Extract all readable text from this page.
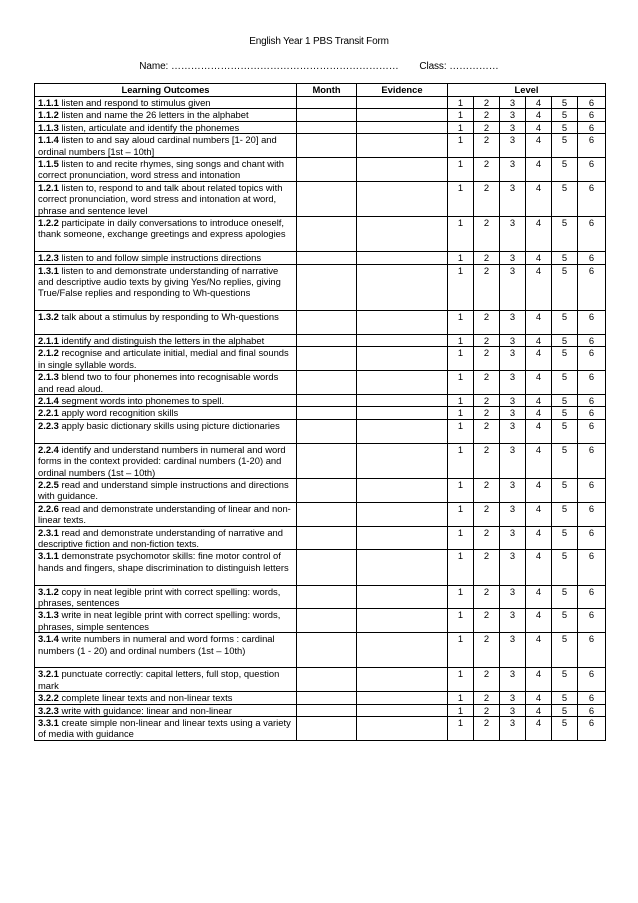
English Year 1 PBS Transit Form
Name: …………………………………………………………… Class: ……………
Learning Outcomes	Month	Evidence	Level					
1.1.1 listen and respond to stimulus given			1	2	3	4	5	6
1.1.2 listen and name the 26 letters in the alphabet			1	2	3	4	5	6
1.1.3 listen, articulate and identify the phonemes			1	2	3	4	5	6
1.1.4 listen to and say aloud cardinal numbers [1- 20] and ordinal numbers [1st – 10th]			1	2	3	4	5	6
1.1.5 listen to and recite rhymes, sing songs and chant with correct pronunciation, word stress and intonation			1	2	3	4	5	6
1.2.1 listen to, respond to and talk about related topics with correct pronunciation, word stress and intonation at word, phrase and sentence level			1	2	3	4	5	6
1.2.2 participate in daily conversations to introduce oneself, thank someone, exchange greetings and express apologies			1	2	3	4	5	6
1.2.3 listen to and follow simple instructions directions			1	2	3	4	5	6
1.3.1 listen to and demonstrate understanding of narrative and descriptive audio texts by giving Yes/No replies, giving True/False replies and responding to Wh-questions			1	2	3	4	5	6
1.3.2 talk about a stimulus by responding to Wh-questions			1	2	3	4	5	6
2.1.1 identify and distinguish the letters in the alphabet			1	2	3	4	5	6
2.1.2 recognise and articulate initial, medial and final sounds in single syllable words.			1	2	3	4	5	6
2.1.3 blend two to four phonemes into recognisable words and read aloud.			1	2	3	4	5	6
2.1.4 segment words into phonemes to spell.			1	2	3	4	5	6
2.2.1 apply word recognition skills			1	2	3	4	5	6
2.2.3 apply basic dictionary skills using picture dictionaries			1	2	3	4	5	6
2.2.4 identify and understand numbers in numeral and word forms in the context provided: cardinal numbers (1-20) and ordinal numbers (1st – 10th)			1	2	3	4	5	6
2.2.5 read and understand simple instructions and directions with guidance.			1	2	3	4	5	6
2.2.6 read and demonstrate understanding of linear and non-linear texts.			1	2	3	4	5	6
2.3.1 read and demonstrate understanding of narrative and descriptive fiction and non-fiction texts.			1	2	3	4	5	6
3.1.1 demonstrate psychomotor skills: fine motor control of hands and fingers, shape discrimination to distinguish letters			1	2	3	4	5	6
3.1.2 copy in neat legible print with correct spelling: words, phrases, sentences			1	2	3	4	5	6
3.1.3 write in neat legible print with correct spelling: words, phrases, simple sentences			1	2	3	4	5	6
3.1.4 write numbers in numeral and word forms : cardinal numbers (1 - 20) and ordinal numbers (1st – 10th)			1	2	3	4	5	6
3.2.1 punctuate correctly: capital letters, full stop, question mark			1	2	3	4	5	6
3.2.2 complete linear texts and non-linear texts			1	2	3	4	5	6
3.2.3 write with guidance: linear and non-linear			1	2	3	4	5	6
3.3.1 create simple non-linear and linear texts using a variety of media with guidance			1	2	3	4	5	6
